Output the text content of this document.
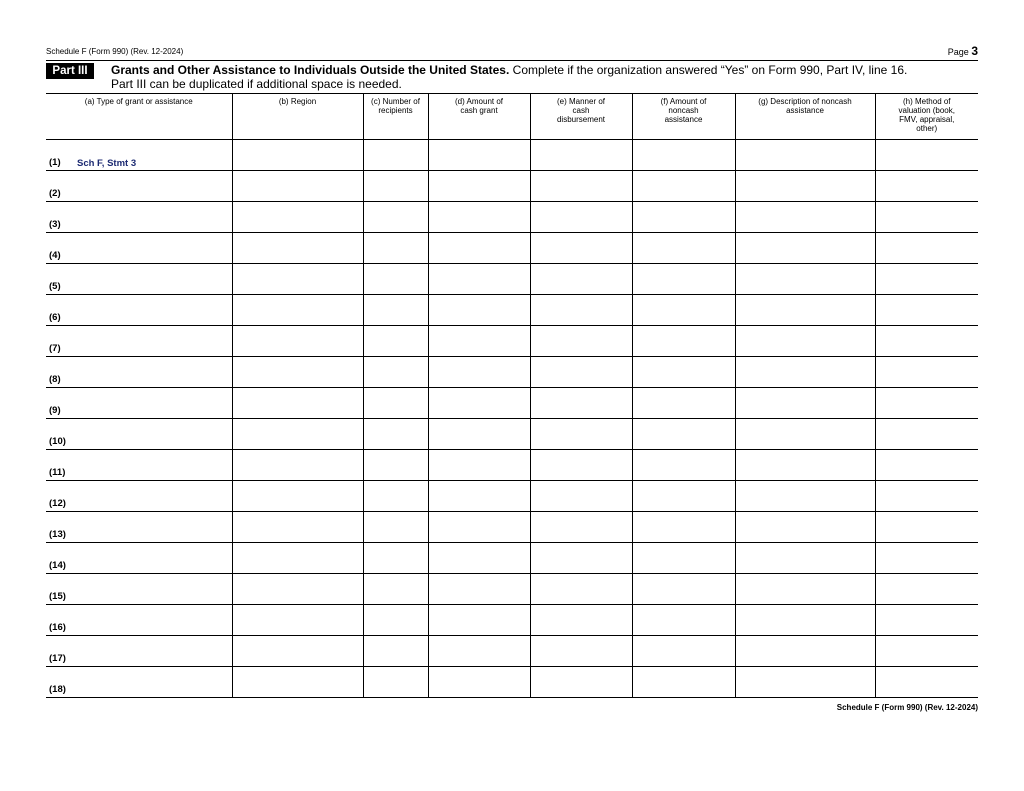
Schedule F (Form 990) (Rev. 12-2024)	Page 3
Part III	Grants and Other Assistance to Individuals Outside the United States. Complete if the organization answered “Yes” on Form 990, Part IV, line 16.
Part III can be duplicated if additional space is needed.
(a) Type of grant or assistance	(b) Region	(c) Number of recipients	(d) Amount of cash grant	(e) Manner of cash disbursement	(f) Amount of noncash assistance	(g) Description of noncash assistance	(h) Method of valuation (book, FMV, appraisal, other)

(1) Sch F, Stmt 3							

(2)							

(3)							

(4)							

(5)							

(6)							

(7)							

(8)							

(9)							

(10)							

(11)							

(12)							

(13)							

(14)							

(15)							

(16)							

(17)							

(18)							

Schedule F (Form 990) (Rev. 12-2024)
